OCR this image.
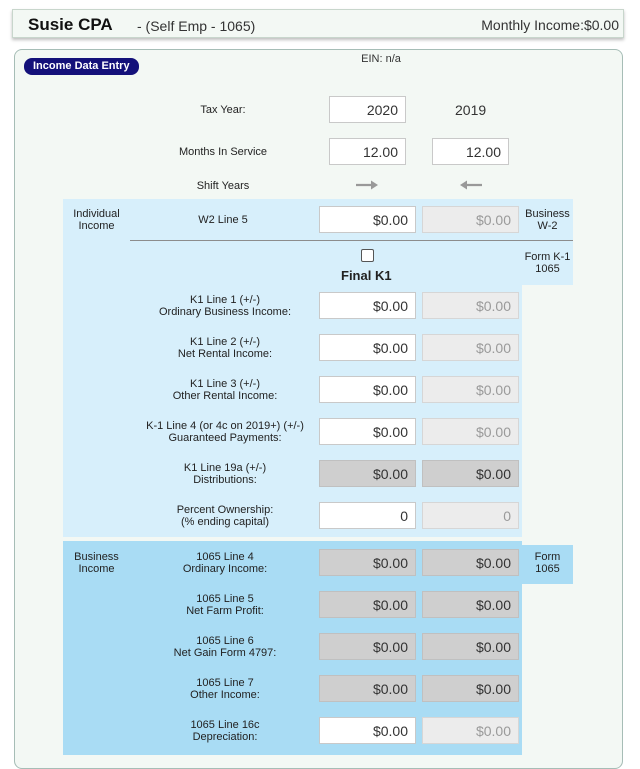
Susie CPA - (Self Emp - 1065)	Monthly Income:$0.00
Income Data Entry
EIN: n/a
Tax Year:	2020	2019
Months In Service	12.00	12.00
Shift Years
Individual Income	W2 Line 5	$0.00	$0.00	Business W-2
Form K-1 1065
Final K1
K1 Line 1 (+/-)
Ordinary Business Income:	$0.00	$0.00
K1 Line 2 (+/-)
Net Rental Income:	$0.00	$0.00
K1 Line 3 (+/-)
Other Rental Income:	$0.00	$0.00
K-1 Line 4 (or 4c on 2019+) (+/-)
Guaranteed Payments:	$0.00	$0.00
K1 Line 19a (+/-)
Distributions:	$0.00	$0.00
Percent Ownership:
(% ending capital)	0	0
Business Income
Form 1065
1065 Line 4
Ordinary Income:	$0.00	$0.00
1065 Line 5
Net Farm Profit:	$0.00	$0.00
1065 Line 6
Net Gain Form 4797:	$0.00	$0.00
1065 Line 7
Other Income:	$0.00	$0.00
1065 Line 16c
Depreciation:	$0.00	$0.00
